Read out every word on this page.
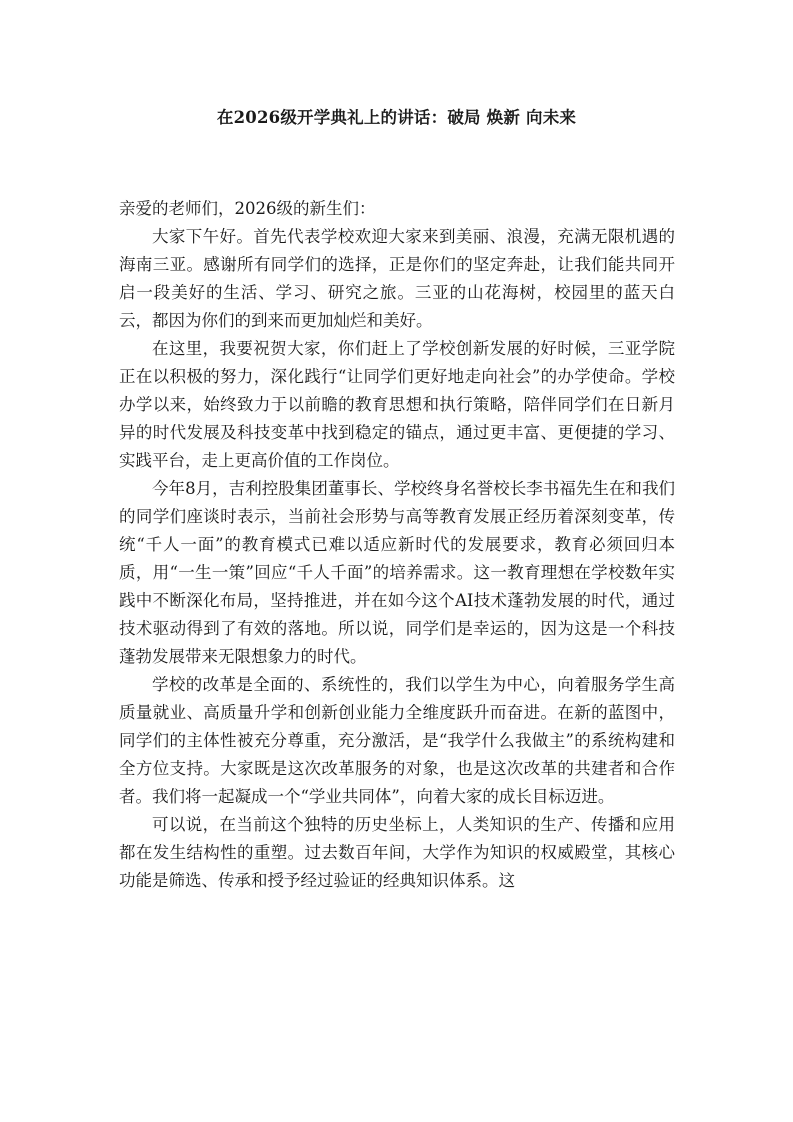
在2026级开学典礼上的讲话：破局 焕新 向未来

亲爱的老师们，2026级的新生们：

大家下午好。首先代表学校欢迎大家来到美丽、浪漫，充满无限机遇的海南三亚。感谢所有同学们的选择，正是你们的坚定奔赴，让我们能共同开启一段美好的生活、学习、研究之旅。三亚的山花海树，校园里的蓝天白云，都因为你们的到来而更加灿烂和美好。

在这里，我要祝贺大家，你们赶上了学校创新发展的好时候，三亚学院正在以积极的努力，深化践行“让同学们更好地走向社会”的办学使命。学校办学以来，始终致力于以前瞻的教育思想和执行策略，陪伴同学们在日新月异的时代发展及科技变革中找到稳定的锚点，通过更丰富、更便捷的学习、实践平台，走上更高价值的工作岗位。

今年8月，吉利控股集团董事长、学校终身名誉校长李书福先生在和我们的同学们座谈时表示，当前社会形势与高等教育发展正经历着深刻变革，传统“千人一面”的教育模式已难以适应新时代的发展要求，教育必须回归本质，用“一生一策”回应“千人千面”的培养需求。这一教育理想在学校数年实践中不断深化布局，坚持推进，并在如今这个AI技术蓬勃发展的时代，通过技术驱动得到了有效的落地。所以说，同学们是幸运的，因为这是一个科技蓬勃发展带来无限想象力的时代。

学校的改革是全面的、系统性的，我们以学生为中心，向着服务学生高质量就业、高质量升学和创新创业能力全维度跃升而奋进。在新的蓝图中，同学们的主体性被充分尊重，充分激活，是“我学什么我做主”的系统构建和全方位支持。大家既是这次改革服务的对象，也是这次改革的共建者和合作者。我们将一起凝成一个“学业共同体”，向着大家的成长目标迈进。

可以说，在当前这个独特的历史坐标上，人类知识的生产、传播和应用都在发生结构性的重塑。过去数百年间，大学作为知识的权威殿堂，其核心功能是筛选、传承和授予经过验证的经典知识体系。这
